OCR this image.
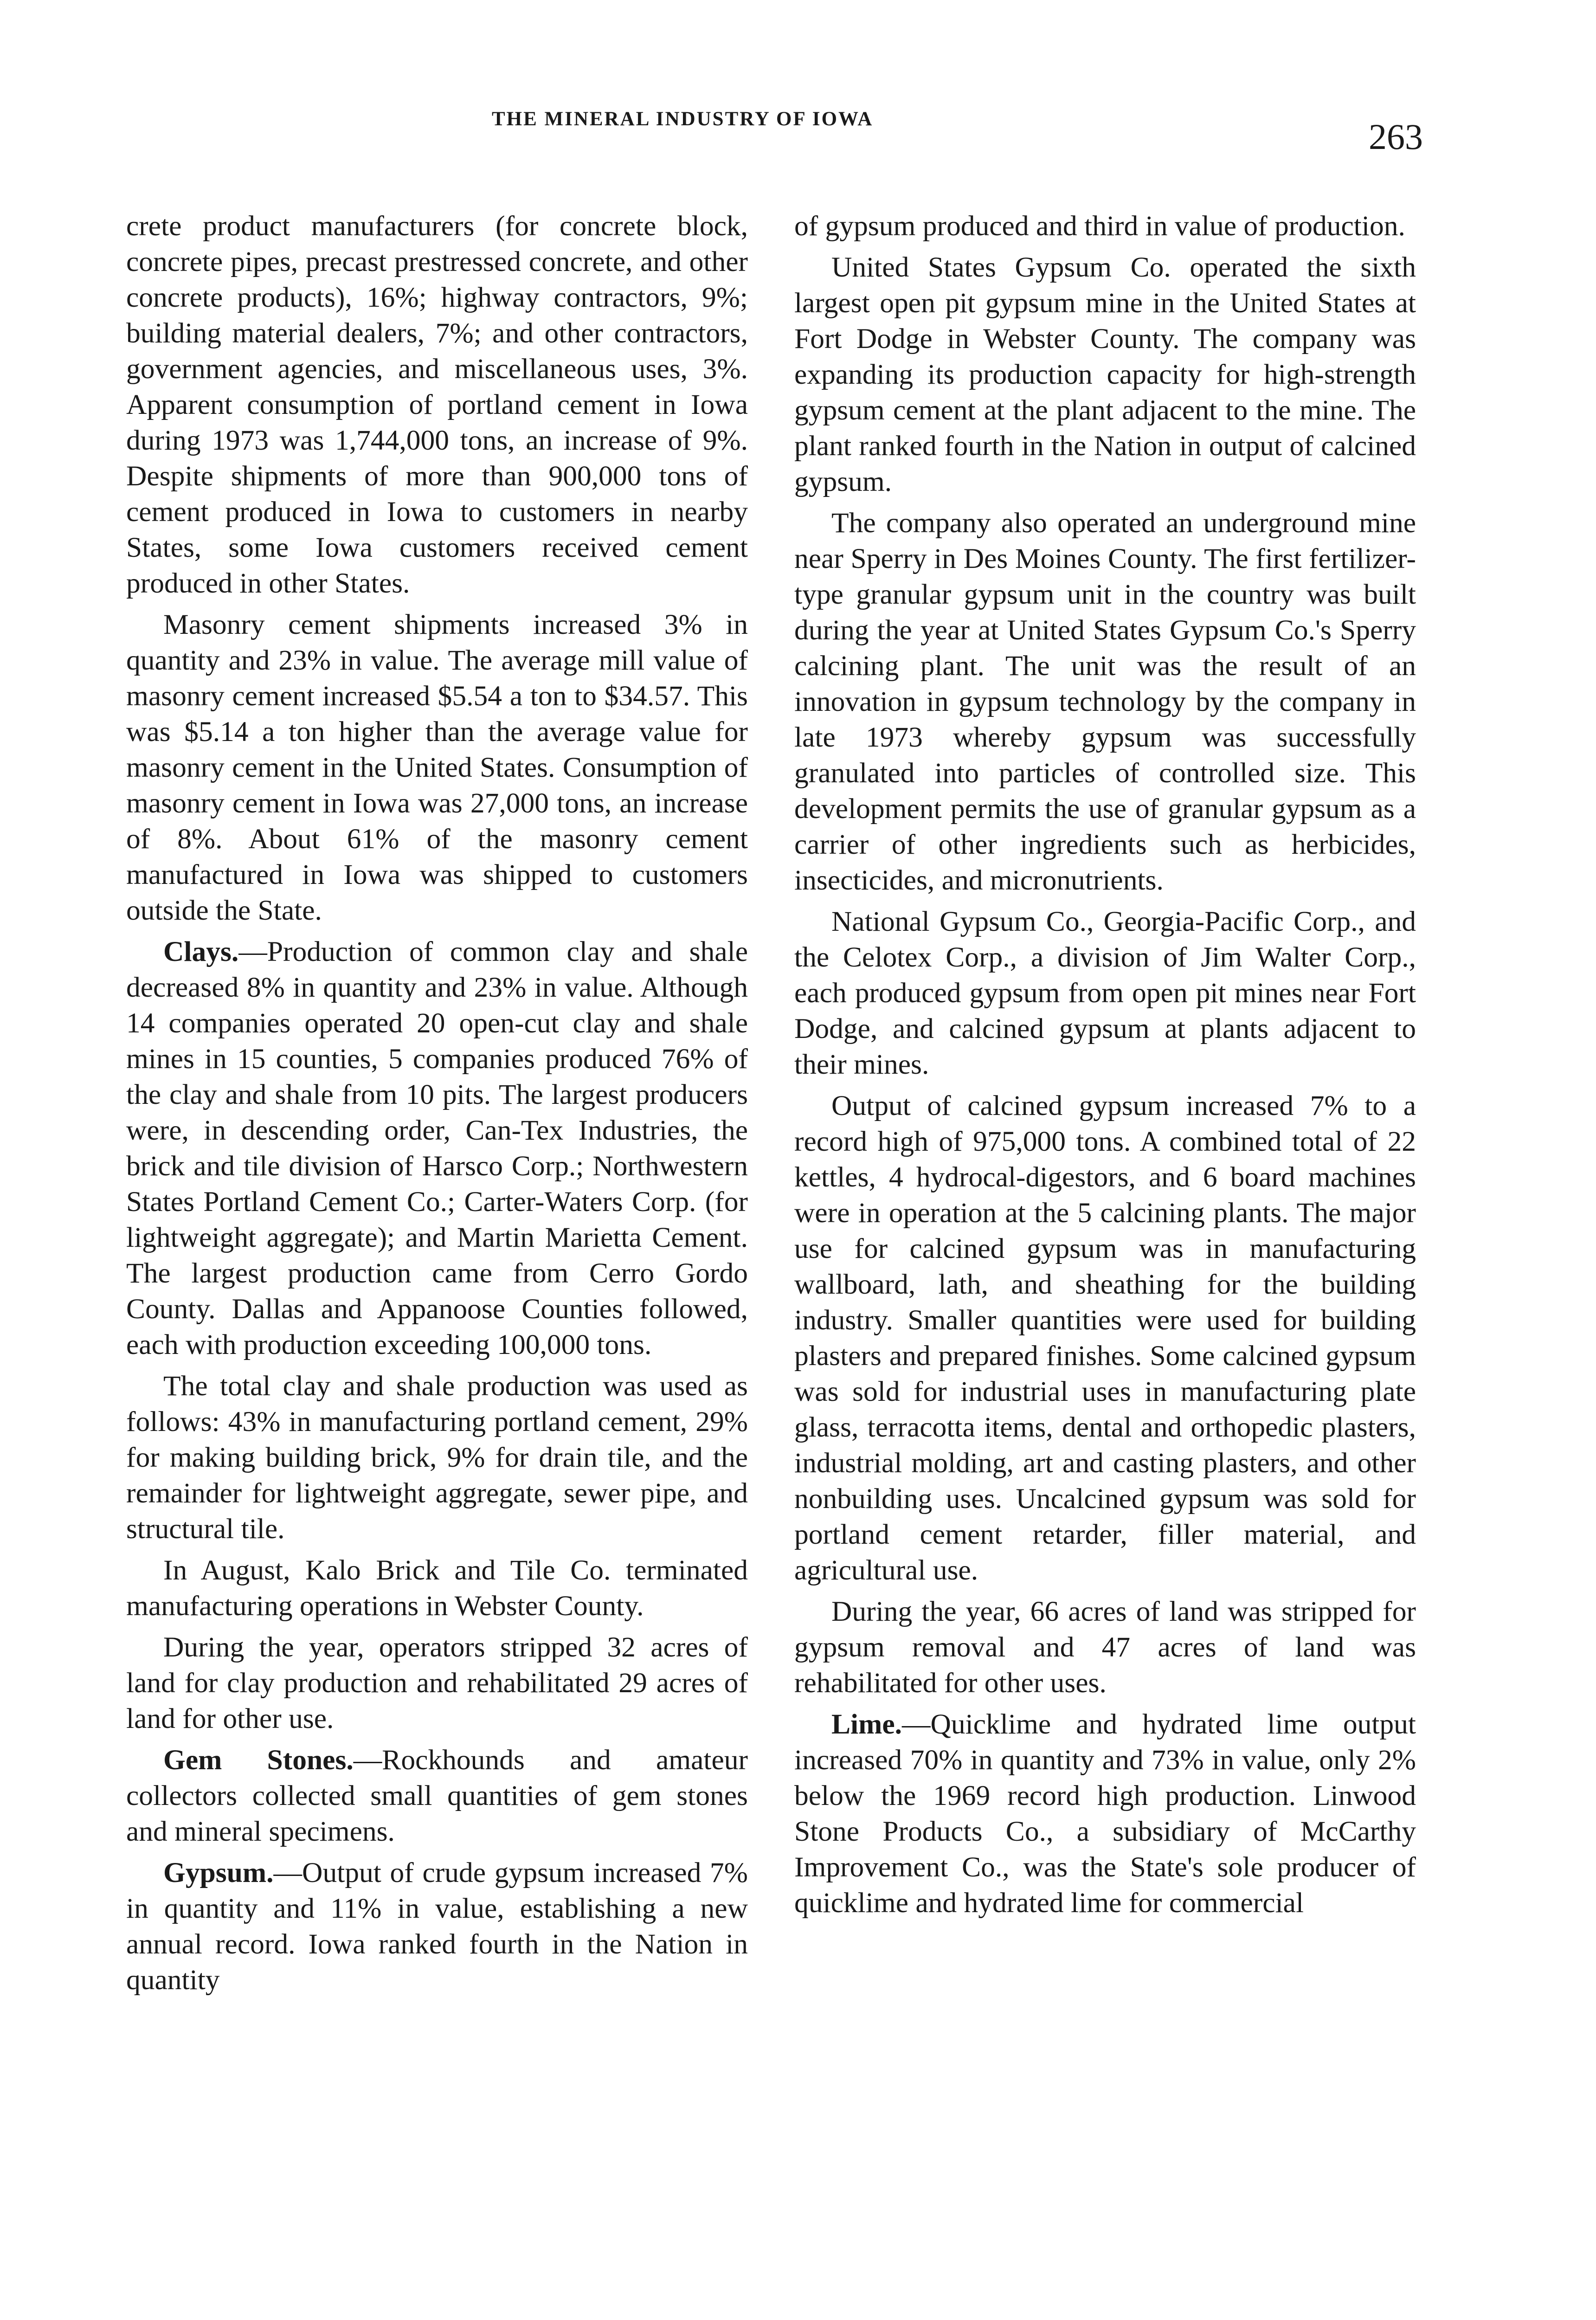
THE MINERAL INDUSTRY OF IOWA	263

crete product manufacturers (for concrete block, concrete pipes, precast prestressed concrete, and other concrete products), 16%; highway contractors, 9%; building material dealers, 7%; and other contractors, government agencies, and miscellaneous uses, 3%. Apparent consumption of portland cement in Iowa during 1973 was 1,744,000 tons, an increase of 9%. Despite shipments of more than 900,000 tons of cement produced in Iowa to customers in nearby States, some Iowa customers received cement produced in other States.

Masonry cement shipments increased 3% in quantity and 23% in value. The average mill value of masonry cement increased $5.54 a ton to $34.57. This was $5.14 a ton higher than the average value for masonry cement in the United States. Consumption of masonry cement in Iowa was 27,000 tons, an increase of 8%. About 61% of the masonry cement manufactured in Iowa was shipped to customers outside the State.

Clays.—Production of common clay and shale decreased 8% in quantity and 23% in value. Although 14 companies operated 20 open-cut clay and shale mines in 15 counties, 5 companies produced 76% of the clay and shale from 10 pits. The largest producers were, in descending order, Can-Tex Industries, the brick and tile division of Harsco Corp.; Northwestern States Portland Cement Co.; Carter-Waters Corp. (for lightweight aggregate); and Martin Marietta Cement. The largest production came from Cerro Gordo County. Dallas and Appanoose Counties followed, each with production exceeding 100,000 tons.

The total clay and shale production was used as follows: 43% in manufacturing portland cement, 29% for making building brick, 9% for drain tile, and the remainder for lightweight aggregate, sewer pipe, and structural tile.

In August, Kalo Brick and Tile Co. terminated manufacturing operations in Webster County.

During the year, operators stripped 32 acres of land for clay production and rehabilitated 29 acres of land for other use.

Gem Stones.—Rockhounds and amateur collectors collected small quantities of gem stones and mineral specimens.

Gypsum.—Output of crude gypsum increased 7% in quantity and 11% in value, establishing a new annual record. Iowa ranked fourth in the Nation in quantity

of gypsum produced and third in value of production.

United States Gypsum Co. operated the sixth largest open pit gypsum mine in the United States at Fort Dodge in Webster County. The company was expanding its production capacity for high-strength gypsum cement at the plant adjacent to the mine. The plant ranked fourth in the Nation in output of calcined gypsum.

The company also operated an underground mine near Sperry in Des Moines County. The first fertilizer-type granular gypsum unit in the country was built during the year at United States Gypsum Co.'s Sperry calcining plant. The unit was the result of an innovation in gypsum technology by the company in late 1973 whereby gypsum was successfully granulated into particles of controlled size. This development permits the use of granular gypsum as a carrier of other ingredients such as herbicides, insecticides, and micronutrients.

National Gypsum Co., Georgia-Pacific Corp., and the Celotex Corp., a division of Jim Walter Corp., each produced gypsum from open pit mines near Fort Dodge, and calcined gypsum at plants adjacent to their mines.

Output of calcined gypsum increased 7% to a record high of 975,000 tons. A combined total of 22 kettles, 4 hydrocal-digestors, and 6 board machines were in operation at the 5 calcining plants. The major use for calcined gypsum was in manufacturing wallboard, lath, and sheathing for the building industry. Smaller quantities were used for building plasters and prepared finishes. Some calcined gypsum was sold for industrial uses in manufacturing plate glass, terracotta items, dental and orthopedic plasters, industrial molding, art and casting plasters, and other nonbuilding uses. Uncalcined gypsum was sold for portland cement retarder, filler material, and agricultural use.

During the year, 66 acres of land was stripped for gypsum removal and 47 acres of land was rehabilitated for other uses.

Lime.—Quicklime and hydrated lime output increased 70% in quantity and 73% in value, only 2% below the 1969 record high production. Linwood Stone Products Co., a subsidiary of McCarthy Improvement Co., was the State's sole producer of quicklime and hydrated lime for commercial
